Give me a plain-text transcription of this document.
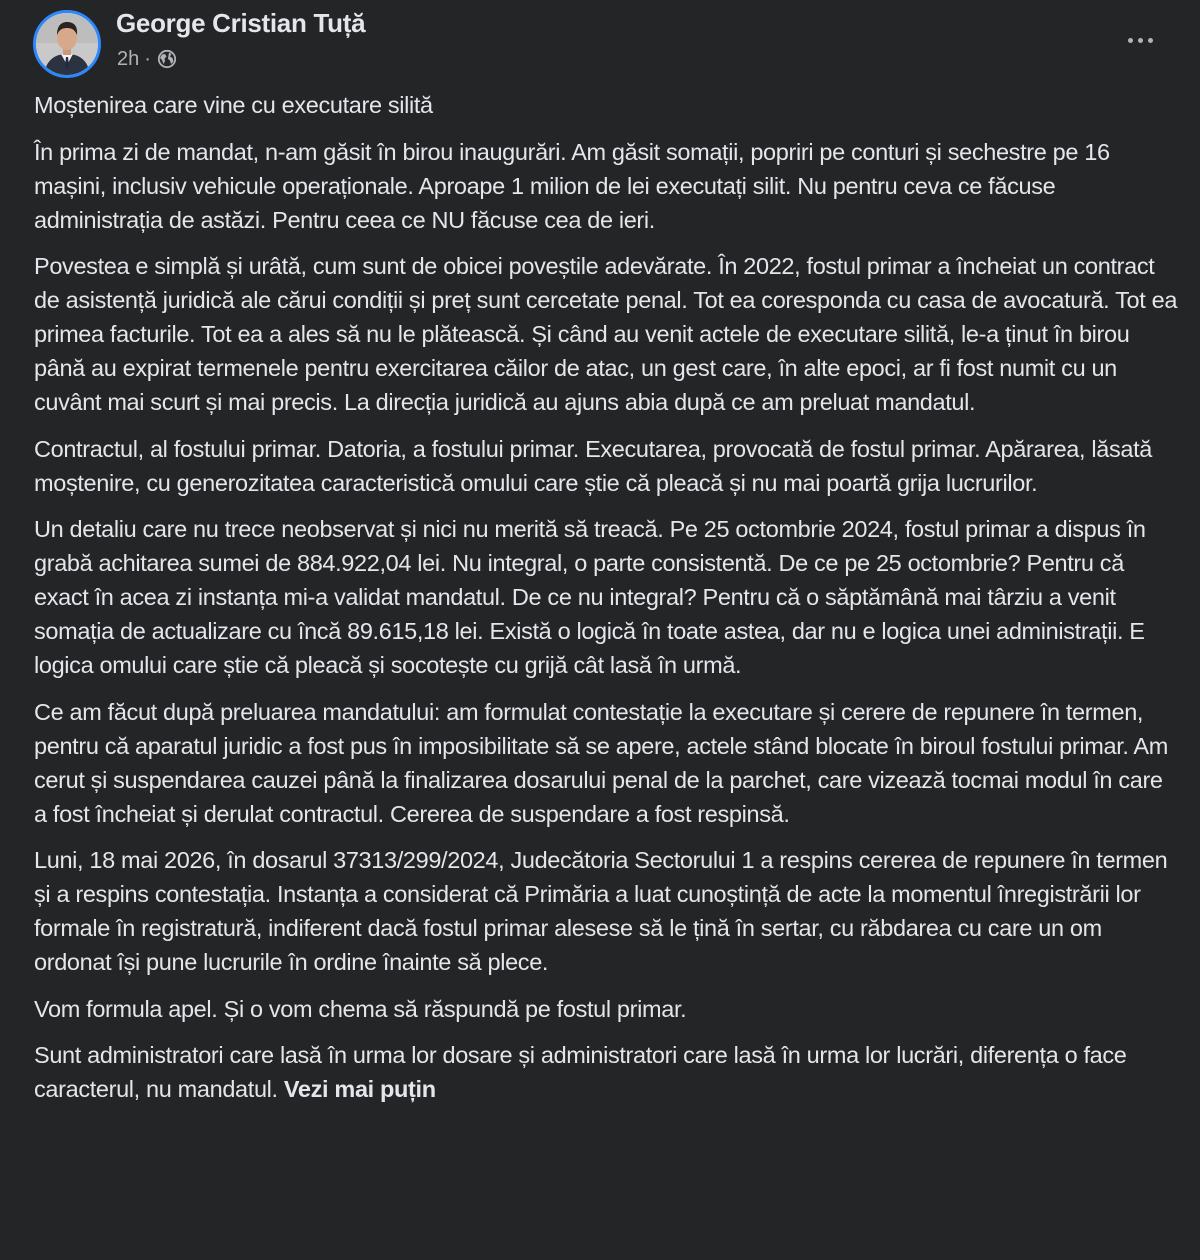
George Cristian Tuță
2h ·

Moștenirea care vine cu executare silită

În prima zi de mandat, n-am găsit în birou inaugurări. Am găsit somații, popriri pe conturi și sechestre pe 16 mașini, inclusiv vehicule operaționale. Aproape 1 milion de lei executați silit. Nu pentru ceva ce făcuse administrația de astăzi. Pentru ceea ce NU făcuse cea de ieri.

Povestea e simplă și urâtă, cum sunt de obicei poveștile adevărate. În 2022, fostul primar a încheiat un contract de asistență juridică ale cărui condiții și preț sunt cercetate penal. Tot ea corespondа cu casa de avocatură. Tot ea primea facturile. Tot ea a ales să nu le plătească. Și când au venit actele de executare silită, le-a ținut în birou până au expirat termenele pentru exercitarea căilor de atac, un gest care, în alte epoci, ar fi fost numit cu un cuvânt mai scurt și mai precis. La direcția juridică au ajuns abia după ce am preluat mandatul.

Contractul, al fostului primar. Datoria, a fostului primar. Executarea, provocată de fostul primar. Apărarea, lăsată moștenire, cu generozitatea caracteristică omului care știe că pleacă și nu mai poartă grija lucrurilor.

Un detaliu care nu trece neobservat și nici nu merită să treacă. Pe 25 octombrie 2024, fostul primar a dispus în grabă achitarea sumei de 884.922,04 lei. Nu integral, o parte consistentă. De ce pe 25 octombrie? Pentru că exact în acea zi instanța mi-a validat mandatul. De ce nu integral? Pentru că o săptămână mai târziu a venit somația de actualizare cu încă 89.615,18 lei. Există o logică în toate astea, dar nu e logica unei administrații. E logica omului care știe că pleacă și socotește cu grijă cât lasă în urmă.

Ce am făcut după preluarea mandatului: am formulat contestație la executare și cerere de repunere în termen, pentru că aparatul juridic a fost pus în imposibilitate să se apere, actele stând blocate în biroul fostului primar. Am cerut și suspendarea cauzei până la finalizarea dosarului penal de la parchet, care vizează tocmai modul în care a fost încheiat și derulat contractul. Cererea de suspendare a fost respinsă.

Luni, 18 mai 2026, în dosarul 37313/299/2024, Judecătoria Sectorului 1 a respins cererea de repunere în termen și a respins contestația. Instanța a considerat că Primăria a luat cunoștință de acte la momentul înregistrării lor formale în registratură, indiferent dacă fostul primar alesese să le țină în sertar, cu răbdarea cu care un om ordonat își pune lucrurile în ordine înainte să plece.

Vom formula apel. Și o vom chema să răspundă pe fostul primar.

Sunt administratori care lasă în urma lor dosare și administratori care lasă în urma lor lucrări, diferența o face caracterul, nu mandatul. Vezi mai puțin
